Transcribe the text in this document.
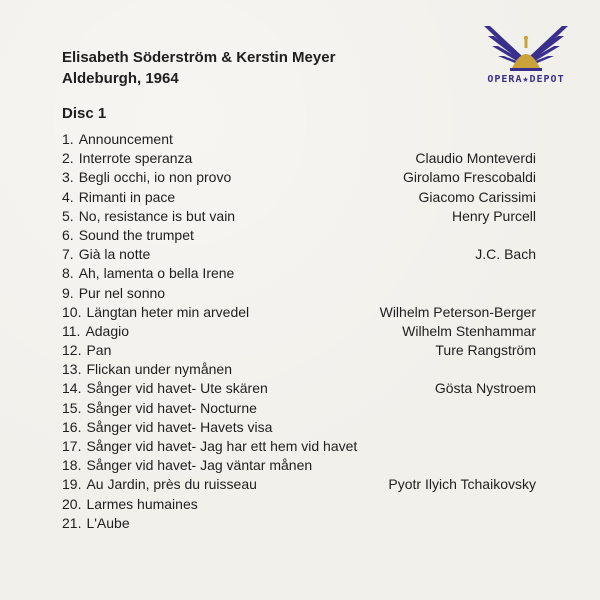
Elisabeth Söderström & Kerstin Meyer
Aldeburgh, 1964	OPERA★DEPOT
Disc 1
1. Announcement
2. Interrote speranza	Claudio Monteverdi
3. Begli occhi, io non provo	Girolamo Frescobaldi
4. Rimanti in pace	Giacomo Carissimi
5. No, resistance is but vain	Henry Purcell
6. Sound the trumpet
7. Già la notte	J.C. Bach
8. Ah, lamenta o bella Irene
9. Pur nel sonno
10. Längtan heter min arvedel	Wilhelm Peterson-Berger
11. Adagio	Wilhelm Stenhammar
12. Pan	Ture Rangström
13. Flickan under nymånen
14. Sånger vid havet- Ute skären	Gösta Nystroem
15. Sånger vid havet- Nocturne
16. Sånger vid havet- Havets visa
17. Sånger vid havet- Jag har ett hem vid havet
18. Sånger vid havet- Jag väntar månen
19. Au Jardin, près du ruisseau	Pyotr Ilyich Tchaikovsky
20. Larmes humaines
21. L'Aube
